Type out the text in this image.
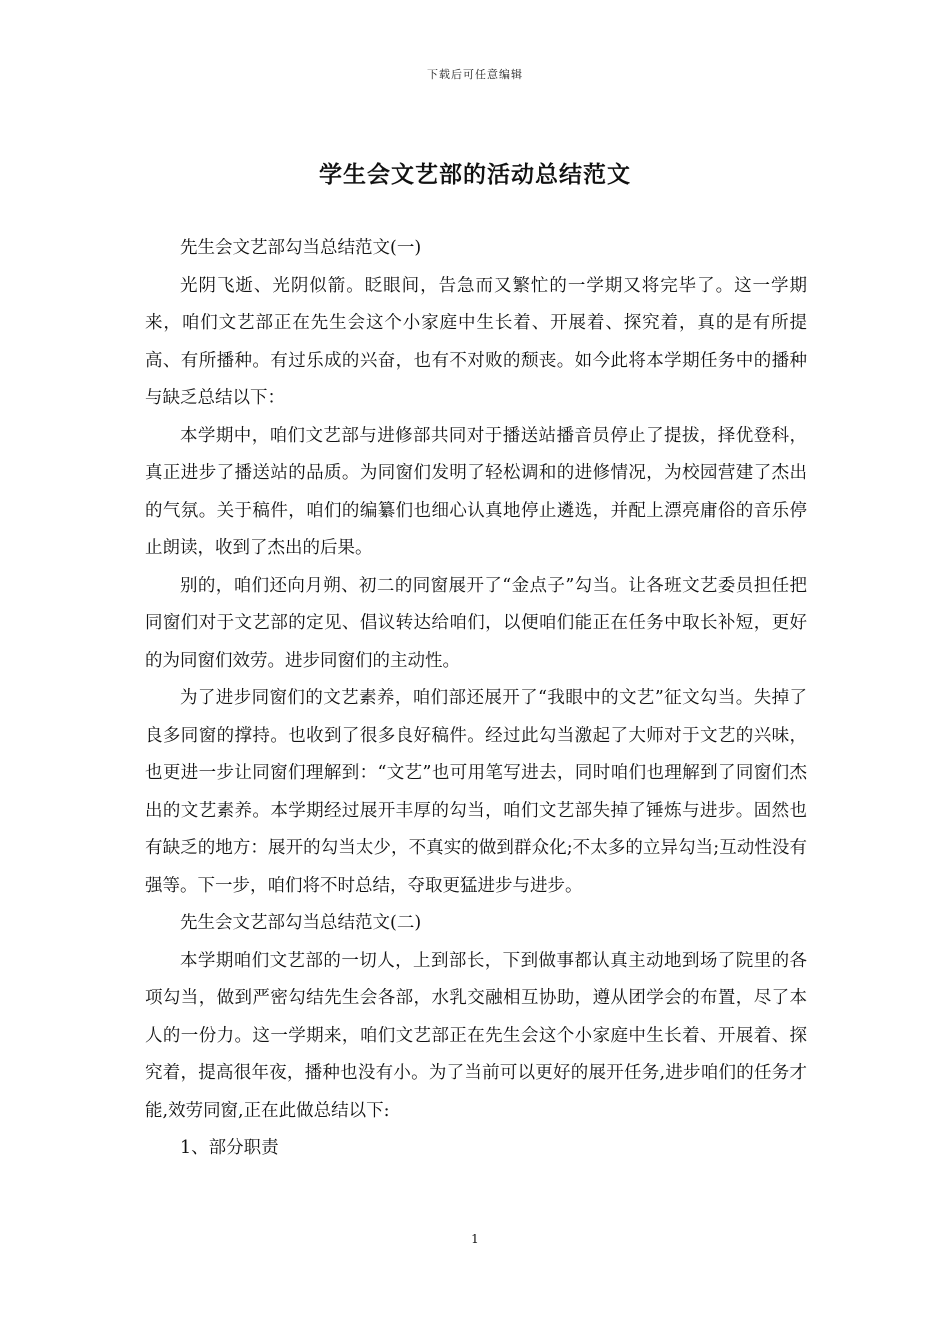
下载后可任意编辑
学生会文艺部的活动总结范文

先生会文艺部勾当总结范文(一)

光阴飞逝、光阴似箭。眨眼间，告急而又繁忙的一学期又将完毕了。这一学期来，咱们文艺部正在先生会这个小家庭中生长着、开展着、探究着，真的是有所提高、有所播种。有过乐成的兴奋，也有不对败的颓丧。如今此将本学期任务中的播种与缺乏总结以下：

本学期中，咱们文艺部与进修部共同对于播送站播音员停止了提拔，择优登科，真正进步了播送站的品质。为同窗们发明了轻松调和的进修情况，为校园营建了杰出的气氛。关于稿件，咱们的编纂们也细心认真地停止遴选，并配上漂亮庸俗的音乐停止朗读，收到了杰出的后果。

别的，咱们还向月朔、初二的同窗展开了“金点子”勾当。让各班文艺委员担任把同窗们对于文艺部的定见、倡议转达给咱们，以便咱们能正在任务中取长补短，更好的为同窗们效劳。进步同窗们的主动性。

为了进步同窗们的文艺素养，咱们部还展开了“我眼中的文艺”征文勾当。失掉了良多同窗的撑持。也收到了很多良好稿件。经过此勾当激起了大师对于文艺的兴味，也更进一步让同窗们理解到：“文艺”也可用笔写进去，同时咱们也理解到了同窗们杰出的文艺素养。本学期经过展开丰厚的勾当，咱们文艺部失掉了锤炼与进步。固然也有缺乏的地方：展开的勾当太少，不真实的做到群众化;不太多的立异勾当;互动性没有强等。下一步，咱们将不时总结，夺取更猛进步与进步。

先生会文艺部勾当总结范文(二)

本学期咱们文艺部的一切人，上到部长，下到做事都认真主动地到场了院里的各项勾当，做到严密勾结先生会各部，水乳交融相互协助，遵从团学会的布置，尽了本人的一份力。这一学期来，咱们文艺部正在先生会这个小家庭中生长着、开展着、探究着，提高很年夜，播种也没有小。为了当前可以更好的展开任务,进步咱们的任务才能,效劳同窗,正在此做总结以下:

1、部分职责

1
